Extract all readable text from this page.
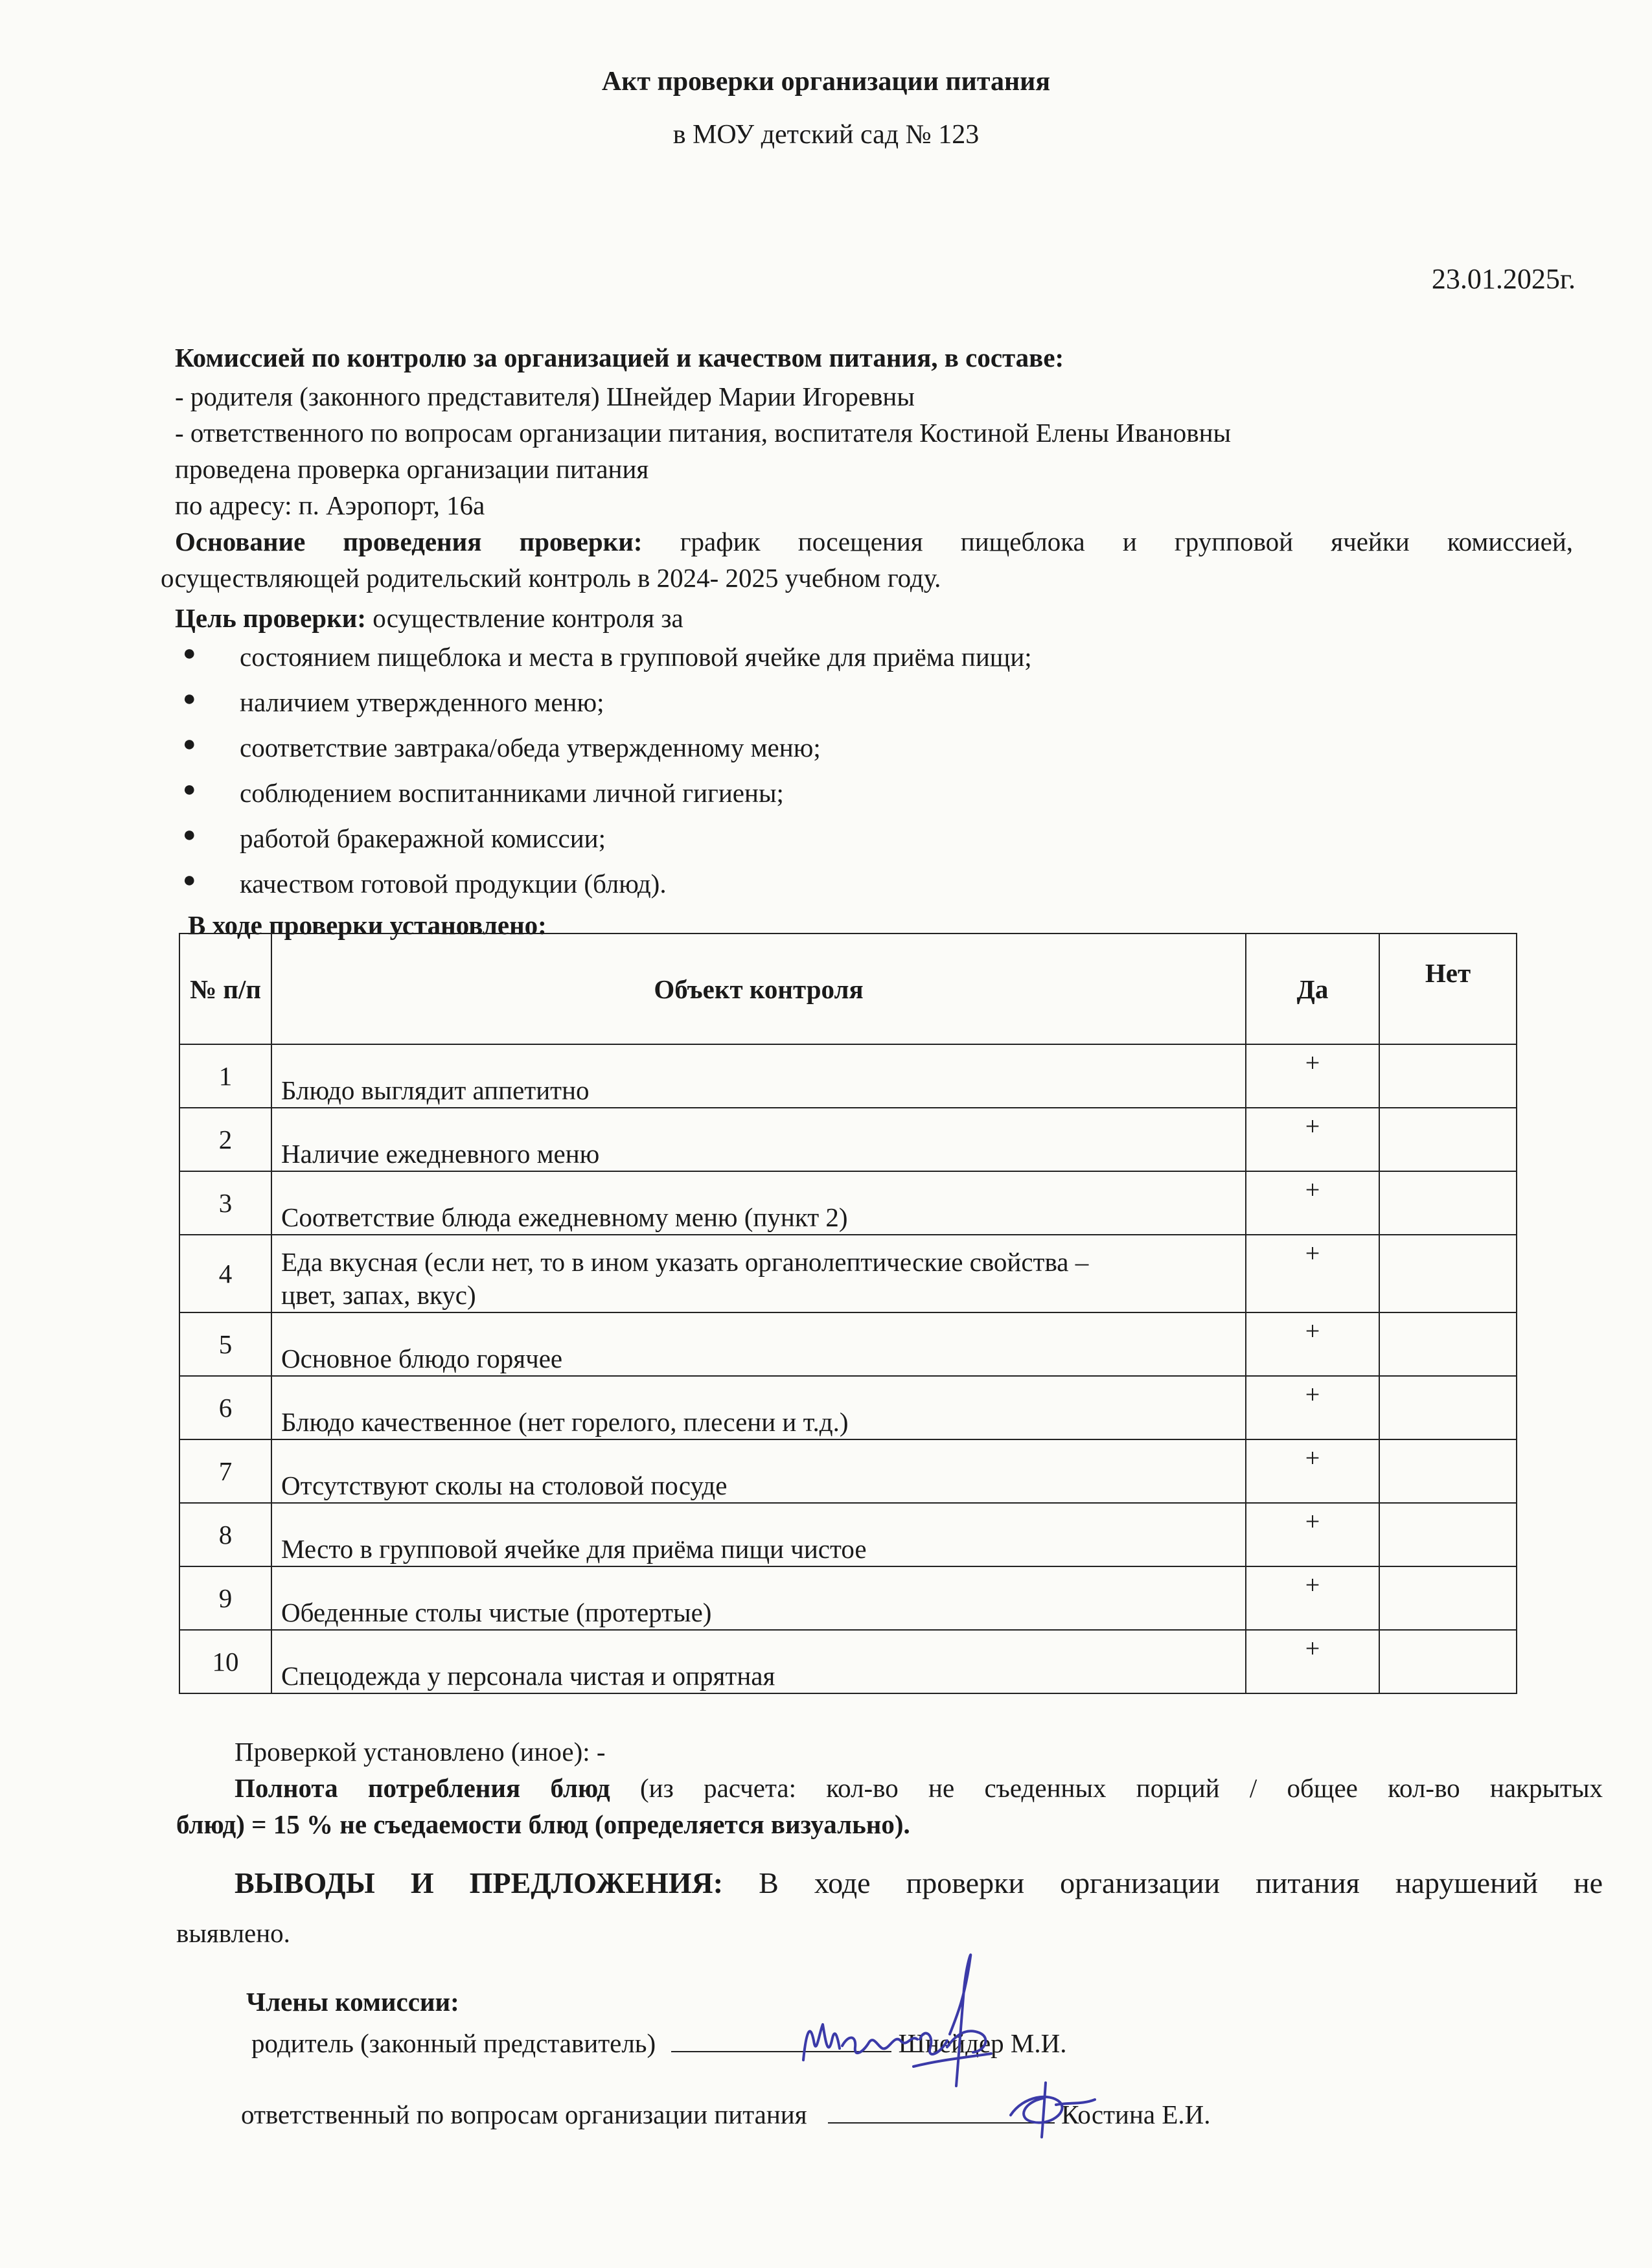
Акт проверки организации питания
в МОУ детский сад № 123
23.01.2025г.
Комиссией по контролю за организацией и качеством питания, в составе:
- родителя (законного представителя) Шнейдер Марии Игоревны
- ответственного по вопросам организации питания, воспитателя Костиной Елены Ивановны
проведена проверка организации питания
по адресу: п. Аэропорт, 16а
Основание проведения проверки: график посещения пищеблока и групповой ячейки комиссией,
осуществляющей родительский контроль в 2024- 2025 учебном году.
Цель проверки: осуществление контроля за
● состоянием пищеблока и места в групповой ячейке для приёма пищи;
● наличием утвержденного меню;
● соответствие завтрака/обеда утвержденному меню;
● соблюдением воспитанниками личной гигиены;
● работой бракеражной комиссии;
● качеством готовой продукции (блюд).
В ходе проверки установлено:
№ п/п	Объект контроля	Да	Нет
1	Блюдо выглядит аппетитно	+	
2	Наличие ежедневного меню	+	
3	Соответствие блюда ежедневному меню (пункт 2)	+	
4	Еда вкусная (если нет, то в ином указать органолептические свойства – цвет, запах, вкус)	+	
5	Основное блюдо горячее	+	
6	Блюдо качественное (нет горелого, плесени и т.д.)	+	
7	Отсутствуют сколы на столовой посуде	+	
8	Место в групповой ячейке для приёма пищи чистое	+	
9	Обеденные столы чистые (протертые)	+	
10	Спецодежда у персонала чистая и опрятная	+	
Проверкой установлено (иное): -
Полнота потребления блюд (из расчета: кол-во не съеденных порций / общее кол-во накрытых
блюд) = 15 % не съедаемости блюд (определяется визуально).
ВЫВОДЫ И ПРЕДЛОЖЕНИЯ: В ходе проверки организации питания нарушений не
выявлено.
Члены комиссии:
родитель (законный представитель)	Шнейдер М.И.
ответственный по вопросам организации питания	Костина Е.И.
